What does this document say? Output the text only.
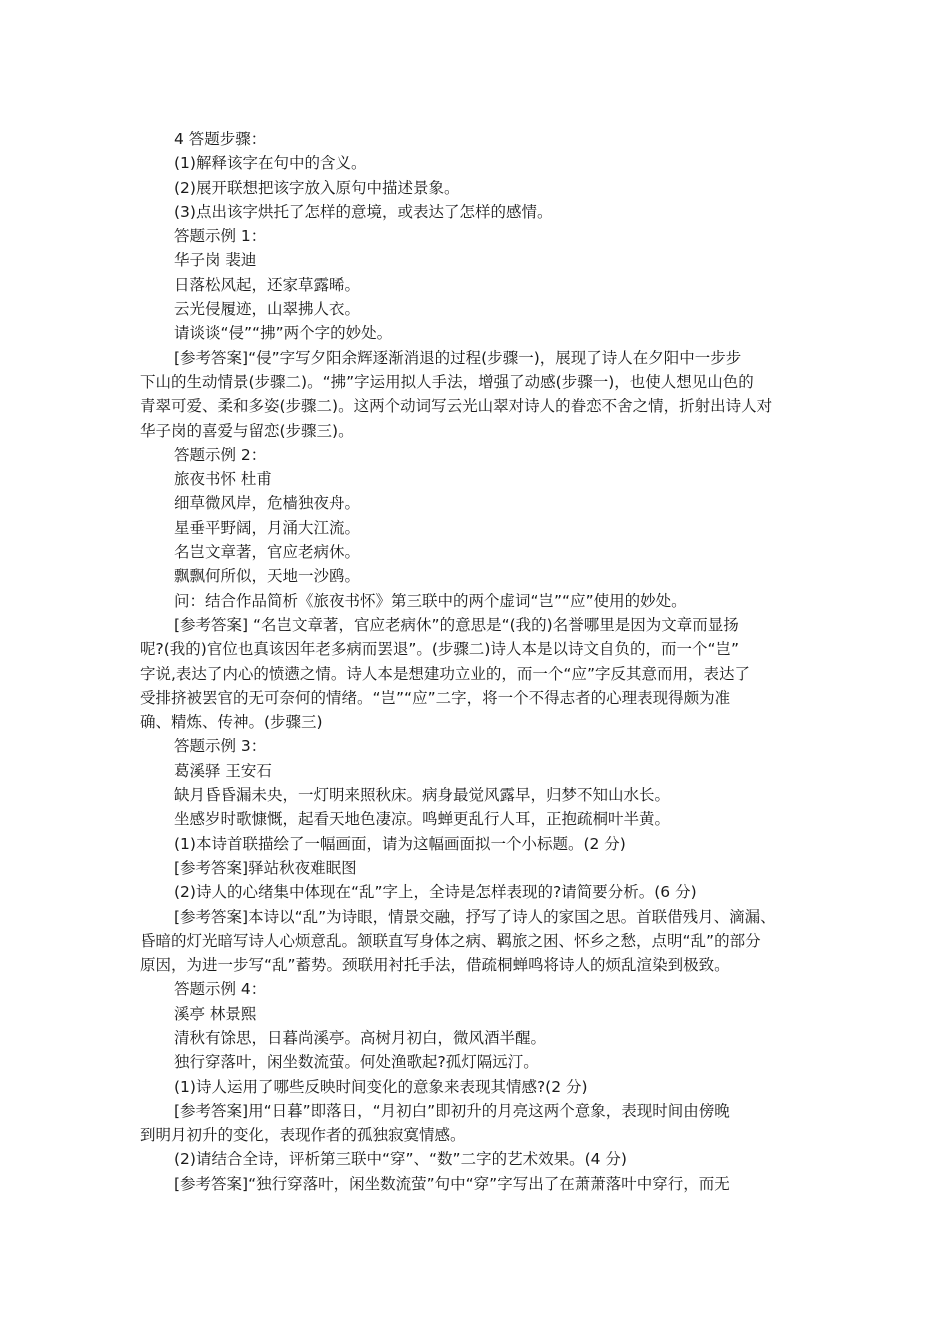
4 答题步骤：

(1)解释该字在句中的含义。

(2)展开联想把该字放入原句中描述景象。

(3)点出该字烘托了怎样的意境，或表达了怎样的感情。

答题示例 1：

华子岗 裴迪

日落松风起，还家草露晞。

云光侵履迹，山翠拂人衣。

请谈谈“侵”“拂”两个字的妙处。

[参考答案]“侵”字写夕阳余辉逐渐消退的过程(步骤一)，展现了诗人在夕阳中一步步

下山的生动情景(步骤二)。“拂”字运用拟人手法，增强了动感(步骤一)，也使人想见山色的

青翠可爱、柔和多姿(步骤二)。这两个动词写云光山翠对诗人的眷恋不舍之情，折射出诗人对

华子岗的喜爱与留恋(步骤三)。

答题示例 2：

旅夜书怀 杜甫

细草微风岸，危樯独夜舟。

星垂平野阔，月涌大江流。

名岂文章著，官应老病休。

飘飘何所似，天地一沙鸥。

问：结合作品简析《旅夜书怀》第三联中的两个虚词“岂”“应”使用的妙处。

[参考答案] “名岂文章著，官应老病休”的意思是“(我的)名誉哪里是因为文章而显扬

呢?(我的)官位也真该因年老多病而罢退”。(步骤二)诗人本是以诗文自负的，而一个“岂”

字说,表达了内心的愤懑之情。诗人本是想建功立业的，而一个“应”字反其意而用，表达了

受排挤被罢官的无可奈何的情绪。“岂”“应”二字，将一个不得志者的心理表现得颇为准

确、精炼、传神。(步骤三)

答题示例 3：

葛溪驿 王安石

缺月昏昏漏未央，一灯明来照秋床。病身最觉风露早，归梦不知山水长。

坐感岁时歌慷慨，起看天地色凄凉。鸣蝉更乱行人耳，正抱疏桐叶半黄。

(1)本诗首联描绘了一幅画面，请为这幅画面拟一个小标题。(2 分)

[参考答案]驿站秋夜难眠图

(2)诗人的心绪集中体现在“乱”字上，全诗是怎样表现的?请简要分析。(6 分)

[参考答案]本诗以“乱”为诗眼，情景交融，抒写了诗人的家国之思。首联借残月、滴漏、

昏暗的灯光暗写诗人心烦意乱。颔联直写身体之病、羁旅之困、怀乡之愁，点明“乱”的部分

原因，为进一步写“乱”蓄势。颈联用衬托手法，借疏桐蝉鸣将诗人的烦乱渲染到极致。

答题示例 4：

溪亭 林景熙

清秋有馀思，日暮尚溪亭。高树月初白，微风酒半醒。

独行穿落叶，闲坐数流萤。何处渔歌起?孤灯隔远汀。

(1)诗人运用了哪些反映时间变化的意象来表现其情感?(2 分)

[参考答案]用“日暮”即落日，“月初白”即初升的月亮这两个意象，表现时间由傍晚

到明月初升的变化，表现作者的孤独寂寞情感。

(2)请结合全诗，评析第三联中“穿”、“数”二字的艺术效果。(4 分)

[参考答案]“独行穿落叶，闲坐数流萤”句中“穿”字写出了在萧萧落叶中穿行，而无
